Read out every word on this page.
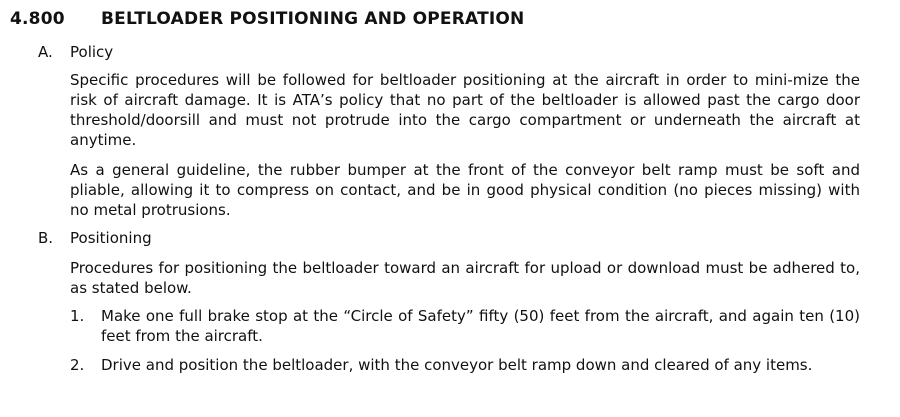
4.800 BELTLOADER POSITIONING AND OPERATION
A. Policy
Specific procedures will be followed for beltloader positioning at the aircraft in order to mini-mize the risk of aircraft damage. It is ATA’s policy that no part of the beltloader is allowed past the cargo door threshold/doorsill and must not protrude into the cargo compartment or underneath the aircraft at anytime.
As a general guideline, the rubber bumper at the front of the conveyor belt ramp must be soft and pliable, allowing it to compress on contact, and be in good physical condition (no pieces missing) with no metal protrusions.
B. Positioning
Procedures for positioning the beltloader toward an aircraft for upload or download must be adhered to, as stated below.
1. Make one full brake stop at the “Circle of Safety” fifty (50) feet from the aircraft, and again ten (10) feet from the aircraft.
2. Drive and position the beltloader, with the conveyor belt ramp down and cleared of any items.
